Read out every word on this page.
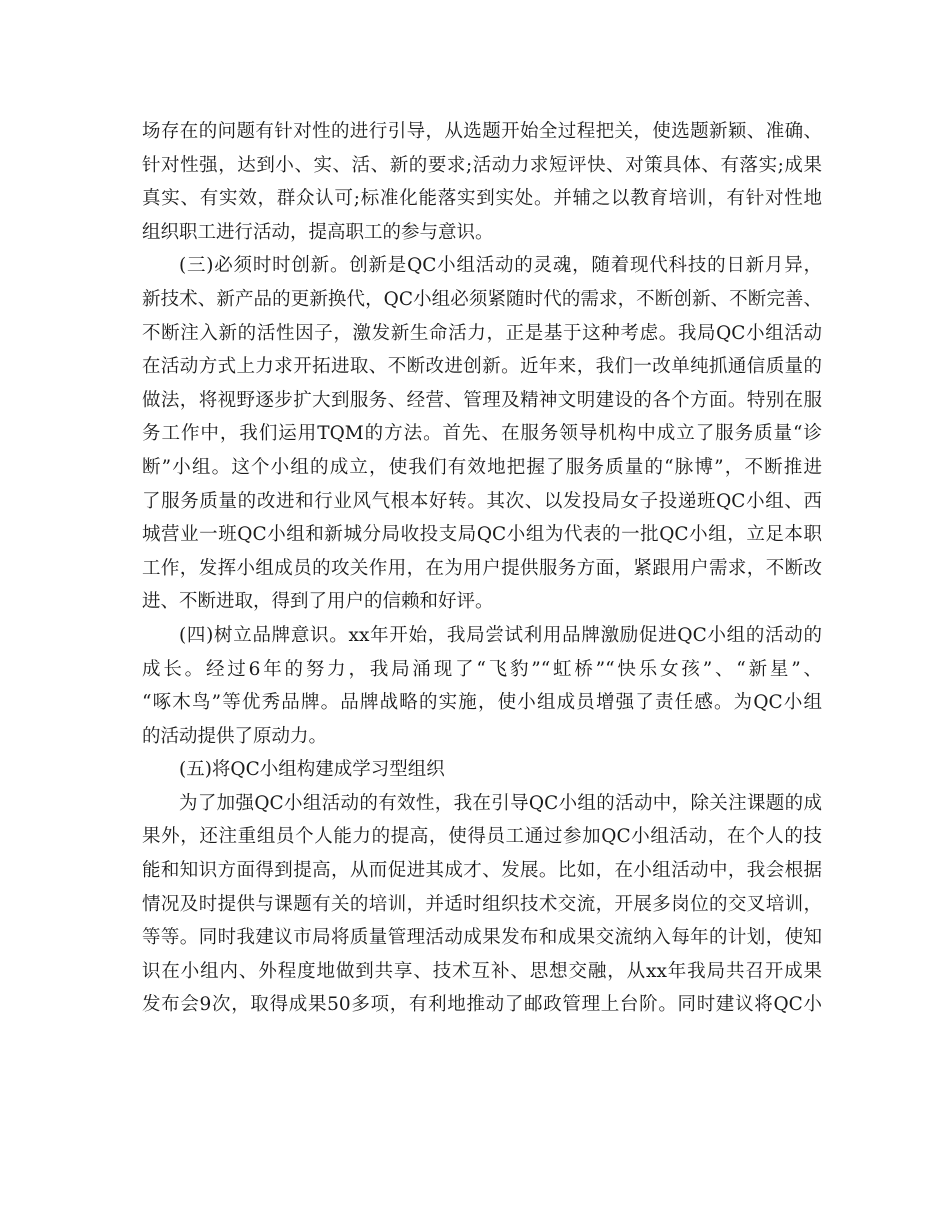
场存在的问题有针对性的进行引导，从选题开始全过程把关，使选题新颖、准确、
针对性强，达到小、实、活、新的要求;活动力求短评快、对策具体、有落实;成果
真实、有实效，群众认可;标准化能落实到实处。并辅之以教育培训，有针对性地
组织职工进行活动，提高职工的参与意识。
(三)必须时时创新。创新是QC小组活动的灵魂，随着现代科技的日新月异，
新技术、新产品的更新换代，QC小组必须紧随时代的需求，不断创新、不断完善、
不断注入新的活性因子，激发新生命活力，正是基于这种考虑。我局QC小组活动
在活动方式上力求开拓进取、不断改进创新。近年来，我们一改单纯抓通信质量的
做法，将视野逐步扩大到服务、经营、管理及精神文明建设的各个方面。特别在服
务工作中，我们运用TQM的方法。首先、在服务领导机构中成立了服务质量“诊
断”小组。这个小组的成立，使我们有效地把握了服务质量的“脉博”，不断推进
了服务质量的改进和行业风气根本好转。其次、以发投局女子投递班QC小组、西
城营业一班QC小组和新城分局收投支局QC小组为代表的一批QC小组，立足本职
工作，发挥小组成员的攻关作用，在为用户提供服务方面，紧跟用户需求，不断改
进、不断进取，得到了用户的信赖和好评。
(四)树立品牌意识。xx年开始，我局尝试利用品牌激励促进QC小组的活动的
成长。经过6年的努力，我局涌现了“飞豹”“虹桥”“快乐女孩”、“新星”、
“啄木鸟”等优秀品牌。品牌战略的实施，使小组成员增强了责任感。为QC小组
的活动提供了原动力。
(五)将QC小组构建成学习型组织
为了加强QC小组活动的有效性，我在引导QC小组的活动中，除关注课题的成
果外，还注重组员个人能力的提高，使得员工通过参加QC小组活动，在个人的技
能和知识方面得到提高，从而促进其成才、发展。比如，在小组活动中，我会根据
情况及时提供与课题有关的培训，并适时组织技术交流，开展多岗位的交叉培训，
等等。同时我建议市局将质量管理活动成果发布和成果交流纳入每年的计划，使知
识在小组内、外程度地做到共享、技术互补、思想交融，从xx年我局共召开成果
发布会9次，取得成果50多项，有利地推动了邮政管理上台阶。同时建议将QC小
